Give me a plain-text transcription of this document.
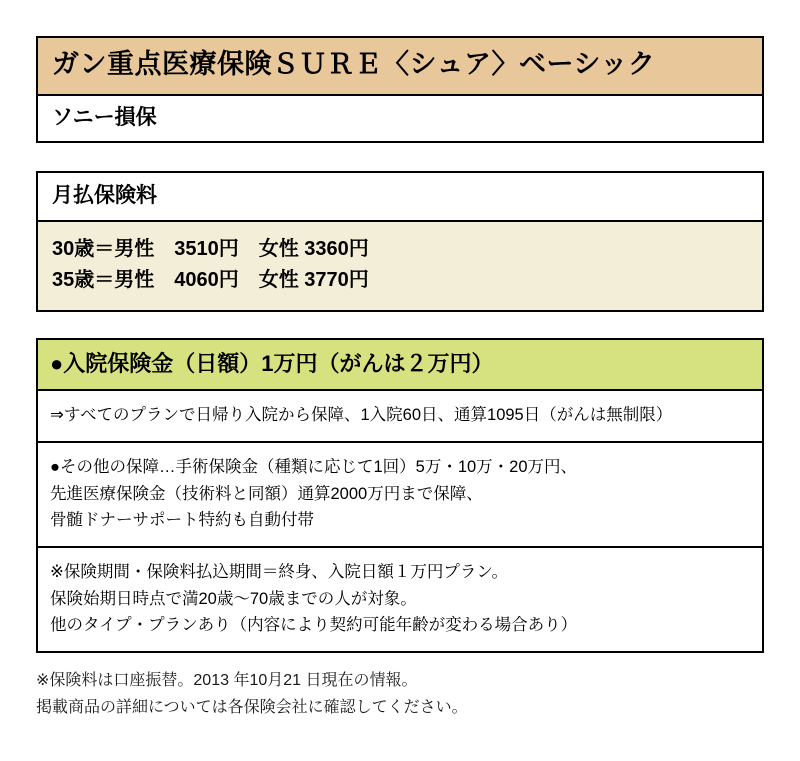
ガン重点医療保険ＳＵＲＥ〈シュア〉ベーシック
ソニー損保
月払保険料
30歳＝男性　3510円　女性 3360円
35歳＝男性　4060円　女性 3770円
●入院保険金（日額）1万円（がんは２万円）
⇒すべてのプランで日帰り入院から保障、1入院60日、通算1095日（がんは無制限）
●その他の保障…手術保険金（種類に応じて1回）5万・10万・20万円、
先進医療保険金（技術料と同額）通算2000万円まで保障、
骨髄ドナーサポート特約も自動付帯
※保険期間・保険料払込期間＝終身、入院日額１万円プラン。
保険始期日時点で満20歳〜70歳までの人が対象。
他のタイプ・プランあり（内容により契約可能年齢が変わる場合あり）
※保険料は口座振替。2013 年10月21 日現在の情報。
掲載商品の詳細については各保険会社に確認してください。
